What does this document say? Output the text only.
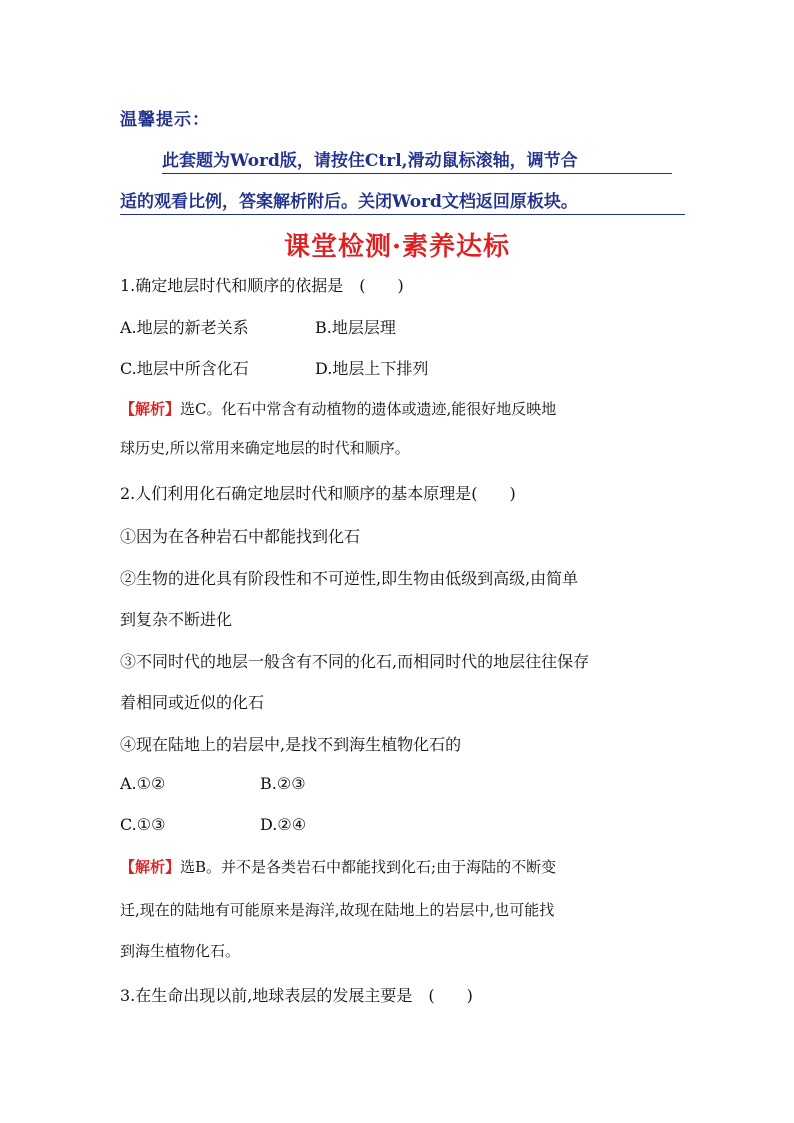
温馨提示：
此套题为Word版，请按住Ctrl,滑动鼠标滚轴，调节合
适的观看比例，答案解析附后。关闭Word文档返回原板块。
课堂检测·素养达标
1.确定地层时代和顺序的依据是　(　　)
A.地层的新老关系	B.地层层理
C.地层中所含化石	D.地层上下排列
【解析】选C。化石中常含有动植物的遗体或遗迹,能很好地反映地
球历史,所以常用来确定地层的时代和顺序。
2.人们利用化石确定地层时代和顺序的基本原理是(　　)
①因为在各种岩石中都能找到化石
②生物的进化具有阶段性和不可逆性,即生物由低级到高级,由简单
到复杂不断进化
③不同时代的地层一般含有不同的化石,而相同时代的地层往往保存
着相同或近似的化石
④现在陆地上的岩层中,是找不到海生植物化石的
A.①②	B.②③
C.①③	D.②④
【解析】选B。并不是各类岩石中都能找到化石;由于海陆的不断变
迁,现在的陆地有可能原来是海洋,故现在陆地上的岩层中,也可能找
到海生植物化石。
3.在生命出现以前,地球表层的发展主要是　(　　)
